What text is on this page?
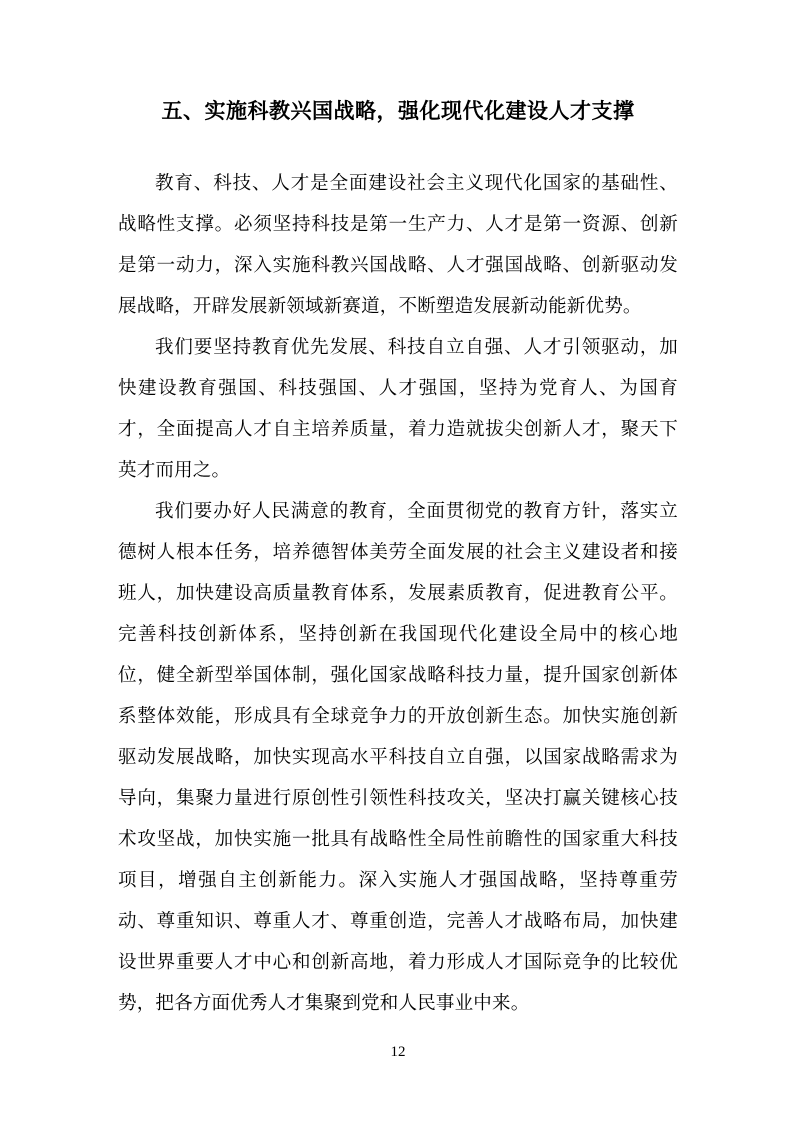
五、实施科教兴国战略，强化现代化建设人才支撑

教育、科技、人才是全面建设社会主义现代化国家的基础性、战略性支撑。必须坚持科技是第一生产力、人才是第一资源、创新是第一动力，深入实施科教兴国战略、人才强国战略、创新驱动发展战略，开辟发展新领域新赛道，不断塑造发展新动能新优势。

我们要坚持教育优先发展、科技自立自强、人才引领驱动，加快建设教育强国、科技强国、人才强国，坚持为党育人、为国育才，全面提高人才自主培养质量，着力造就拔尖创新人才，聚天下英才而用之。

我们要办好人民满意的教育，全面贯彻党的教育方针，落实立德树人根本任务，培养德智体美劳全面发展的社会主义建设者和接班人，加快建设高质量教育体系，发展素质教育，促进教育公平。完善科技创新体系，坚持创新在我国现代化建设全局中的核心地位，健全新型举国体制，强化国家战略科技力量，提升国家创新体系整体效能，形成具有全球竞争力的开放创新生态。加快实施创新驱动发展战略，加快实现高水平科技自立自强，以国家战略需求为导向，集聚力量进行原创性引领性科技攻关，坚决打赢关键核心技术攻坚战，加快实施一批具有战略性全局性前瞻性的国家重大科技项目，增强自主创新能力。深入实施人才强国战略，坚持尊重劳动、尊重知识、尊重人才、尊重创造，完善人才战略布局，加快建设世界重要人才中心和创新高地，着力形成人才国际竞争的比较优势，把各方面优秀人才集聚到党和人民事业中来。

12
